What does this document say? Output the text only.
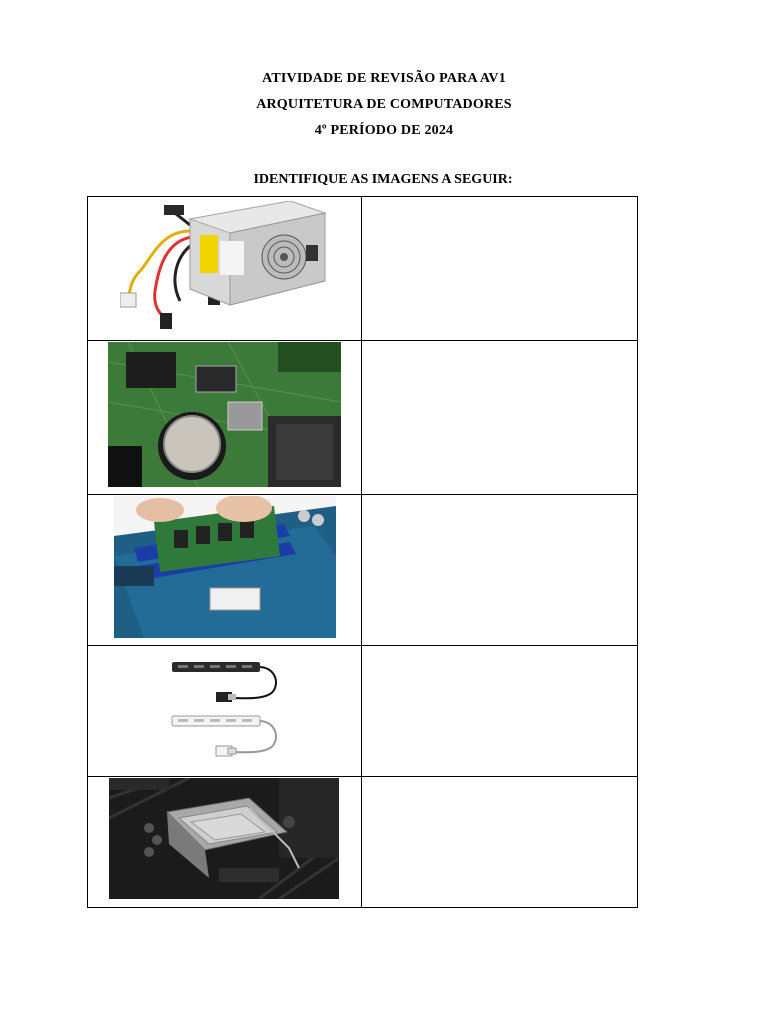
ATIVIDADE DE REVISÃO PARA AV1
ARQUITETURA DE COMPUTADORES
4º PERÍODO DE 2024
IDENTIFIQUE AS IMAGENS A SEGUIR:
